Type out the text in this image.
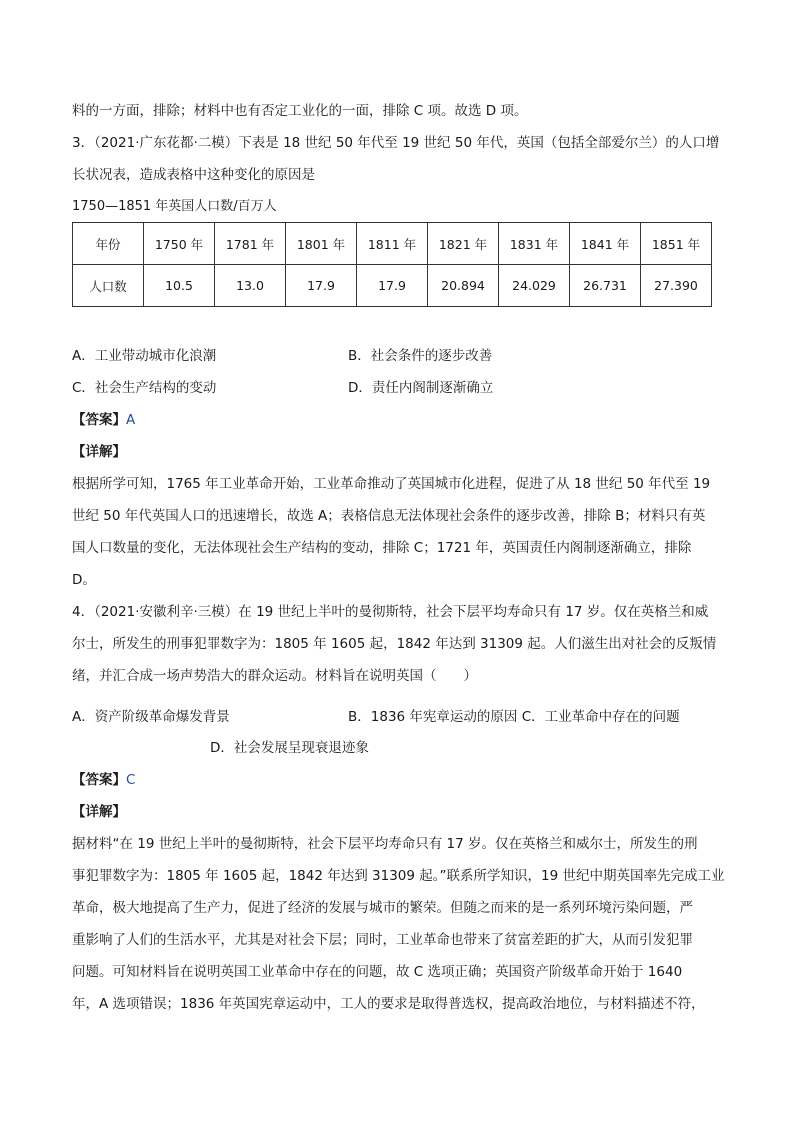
料的一方面，排除；材料中也有否定工业化的一面，排除 C 项。故选 D 项。
3．（2021·广东花都·二模）下表是 18 世纪 50 年代至 19 世纪 50 年代，英国（包括全部爱尔兰）的人口增
长状况表，造成表格中这种变化的原因是
1750—1851 年英国人口数/百万人
年份	1750 年	1781 年	1801 年	1811 年	1821 年	1831 年	1841 年	1851 年
人口数	10.5	13.0	17.9	17.9	20.894	24.029	26.731	27.390
A．工业带动城市化浪潮	B．社会条件的逐步改善
C．社会生产结构的变动	D．责任内阁制逐渐确立
【答案】A
【详解】
根据所学可知，1765 年工业革命开始，工业革命推动了英国城市化进程，促进了从 18 世纪 50 年代至 19
世纪 50 年代英国人口的迅速增长，故选 A；表格信息无法体现社会条件的逐步改善，排除 B；材料只有英
国人口数量的变化，无法体现社会生产结构的变动，排除 C；1721 年，英国责任内阁制逐渐确立，排除
D。
4．（2021·安徽利辛·三模）在 19 世纪上半叶的曼彻斯特，社会下层平均寿命只有 17 岁。仅在英格兰和威
尔士，所发生的刑事犯罪数字为：1805 年 1605 起，1842 年达到 31309 起。人们滋生出对社会的反叛情
绪，并汇合成一场声势浩大的群众运动。材料旨在说明英国（　　）
A．资产阶级革命爆发背景	B．1836 年宪章运动的原因 C．工业革命中存在的问题
D．社会发展呈现衰退迹象
【答案】C
【详解】
据材料“在 19 世纪上半叶的曼彻斯特，社会下层平均寿命只有 17 岁。仅在英格兰和威尔士，所发生的刑
事犯罪数字为：1805 年 1605 起，1842 年达到 31309 起。”联系所学知识，19 世纪中期英国率先完成工业
革命，极大地提高了生产力，促进了经济的发展与城市的繁荣。但随之而来的是一系列环境污染问题，严
重影响了人们的生活水平，尤其是对社会下层；同时，工业革命也带来了贫富差距的扩大，从而引发犯罪
问题。可知材料旨在说明英国工业革命中存在的问题，故 C 选项正确；英国资产阶级革命开始于 1640
年，A 选项错误；1836 年英国宪章运动中，工人的要求是取得普选权，提高政治地位，与材料描述不符，
